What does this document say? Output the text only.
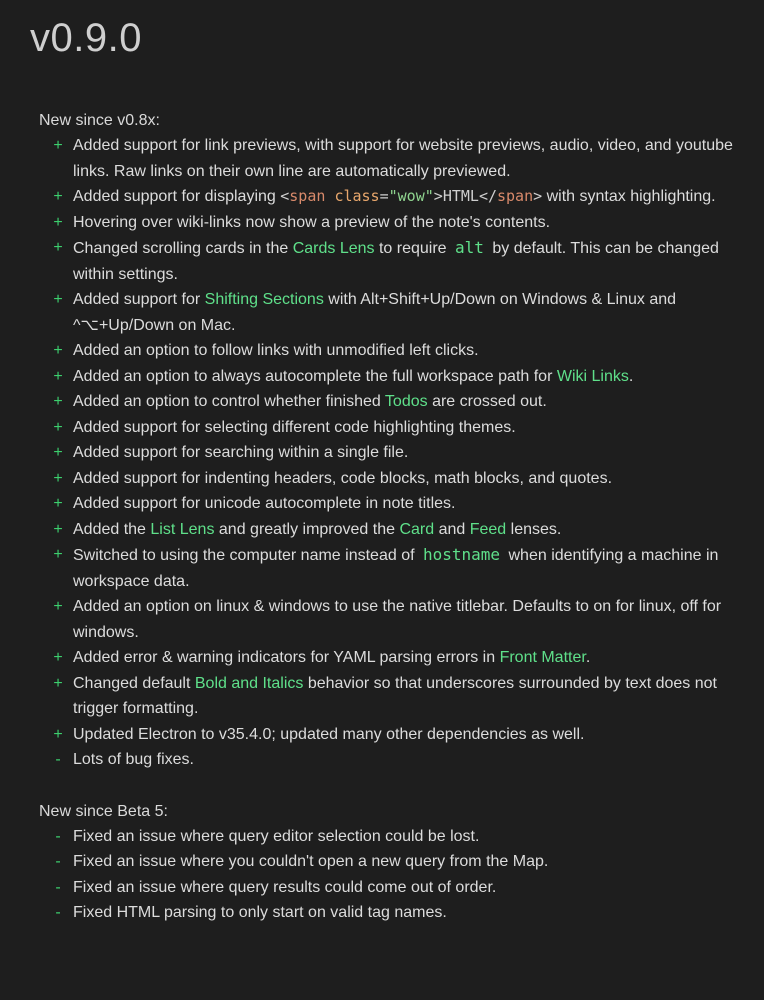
v0.9.0
New since v0.8x:
+ Added support for link previews, with support for website previews, audio, video, and youtube links. Raw links on their own line are automatically previewed.
+ Added support for displaying <span class="wow">HTML</span> with syntax highlighting.
+ Hovering over wiki-links now show a preview of the note's contents.
+ Changed scrolling cards in the Cards Lens to require alt by default. This can be changed within settings.
+ Added support for Shifting Sections with Alt+Shift+Up/Down on Windows & Linux and ^⌥+Up/Down on Mac.
+ Added an option to follow links with unmodified left clicks.
+ Added an option to always autocomplete the full workspace path for Wiki Links.
+ Added an option to control whether finished Todos are crossed out.
+ Added support for selecting different code highlighting themes.
+ Added support for searching within a single file.
+ Added support for indenting headers, code blocks, math blocks, and quotes.
+ Added support for unicode autocomplete in note titles.
+ Added the List Lens and greatly improved the Card and Feed lenses.
+ Switched to using the computer name instead of hostname when identifying a machine in workspace data.
+ Added an option on linux & windows to use the native titlebar. Defaults to on for linux, off for windows.
+ Added error & warning indicators for YAML parsing errors in Front Matter.
+ Changed default Bold and Italics behavior so that underscores surrounded by text does not trigger formatting.
+ Updated Electron to v35.4.0; updated many other dependencies as well.
- Lots of bug fixes.
New since Beta 5:
- Fixed an issue where query editor selection could be lost.
- Fixed an issue where you couldn't open a new query from the Map.
- Fixed an issue where query results could come out of order.
- Fixed HTML parsing to only start on valid tag names.
